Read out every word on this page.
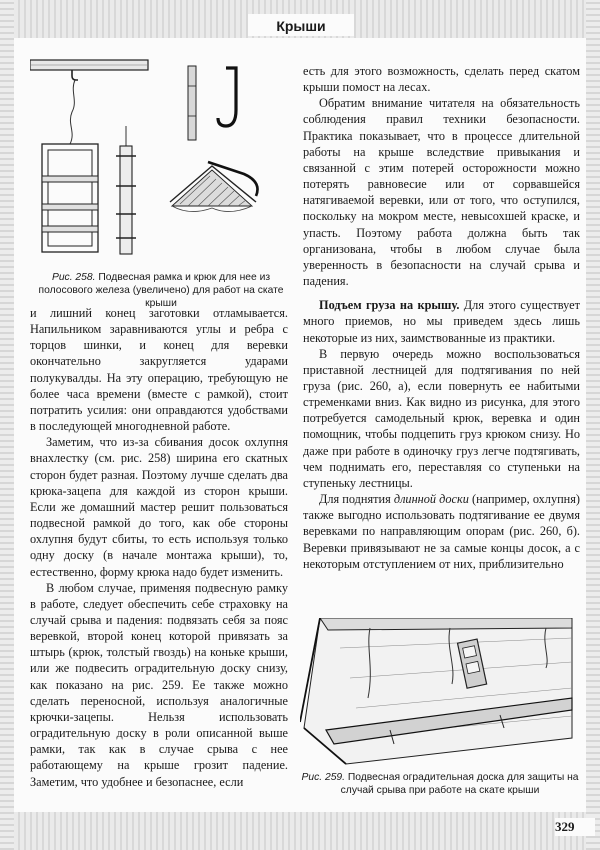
Крыши
329
Рис. 258. Подвесная рамка и крюк для нее из полосового железа (увеличено) для работ на скате крыши

и лишний конец заготовки отламывается. Напильником заравниваются углы и ребра с торцов шинки, и конец для веревки окончательно закругляется ударами полукувалды. На эту операцию, требующую не более часа времени (вместе с рамкой), стоит потратить усилия: они оправдаются удобствами в последующей многодневной работе.

Заметим, что из-за сбивания досок охлупня внахлестку (см. рис. 258) ширина его скатных сторон будет разная. Поэтому лучше сделать два крюка-зацепа для каждой из сторон крыши. Если же домашний мастер решит пользоваться подвесной рамкой до того, как обе стороны охлупня будут сбиты, то есть используя только одну доску (в начале монтажа крыши), то, естественно, форму крюка надо будет изменить.

В любом случае, применяя подвесную рамку в работе, следует обеспечить себе страховку на случай срыва и падения: подвязать себя за пояс веревкой, второй конец которой привязать за штырь (крюк, толстый гвоздь) на коньке крыши, или же подвесить оградительную доску снизу, как показано на рис. 259. Ее также можно сделать переносной, используя аналогичные крючки-зацепы. Нельзя использовать оградительную доску в роли описанной выше рамки, так как в случае срыва с нее работающему на крыше грозит падение. Заметим, что удобнее и безопаснее, если

есть для этого возможность, сделать перед скатом крыши помост на лесах.

Обратим внимание читателя на обязательность соблюдения правил техники безопасности. Практика показывает, что в процессе длительной работы на крыше вследствие привыкания и связанной с этим потерей осторожности можно потерять равновесие или от сорвавшейся натягиваемой веревки, или от того, что оступился, поскольку на мокром месте, невысохшей краске, и упасть. Поэтому работа должна быть так организована, чтобы в любом случае была уверенность в безопасности на случай срыва и падения.

Подъем груза на крышу. Для этого существует много приемов, но мы приведем здесь лишь некоторые из них, заимствованные из практики.

В первую очередь можно воспользоваться приставной лестницей для подтягивания по ней груза (рис. 260, а), если повернуть ее набитыми стременками вниз. Как видно из рисунка, для этого потребуется самодельный крюк, веревка и один помощник, чтобы подцепить груз крюком снизу. Но даже при работе в одиночку груз легче подтягивать, чем поднимать его, переставляя со ступеньки на ступеньку лестницы.

Для поднятия длинной доски (например, охлупня) также выгодно использовать подтягивание ее двумя веревками по направляющим опорам (рис. 260, б). Веревки привязывают не за самые концы досок, а с некоторым отступлением от них, приблизительно

Рис. 259. Подвесная оградительная доска для защиты на случай срыва при работе на скате крыши
